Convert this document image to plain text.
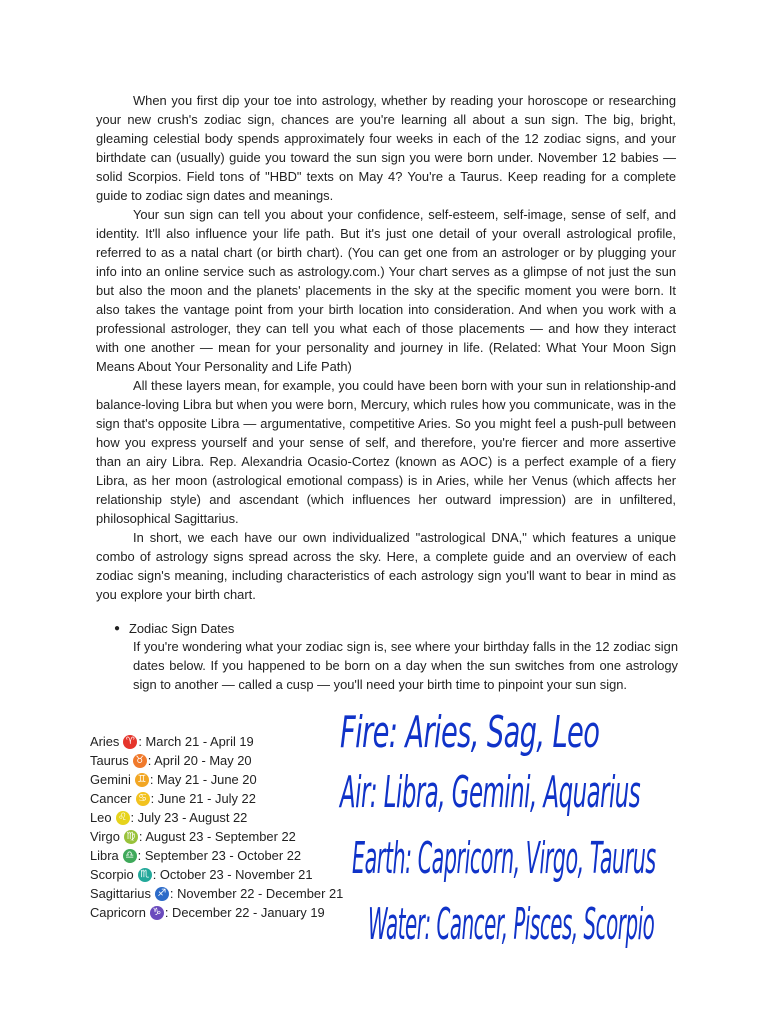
When you first dip your toe into astrology, whether by reading your horoscope or researching your new crush's zodiac sign, chances are you're learning all about a sun sign. The big, bright, gleaming celestial body spends approximately four weeks in each of the 12 zodiac signs, and your birthdate can (usually) guide you toward the sun sign you were born under. November 12 babies — solid Scorpios. Field tons of "HBD" texts on May 4? You're a Taurus. Keep reading for a complete guide to zodiac sign dates and meanings.

Your sun sign can tell you about your confidence, self-esteem, self-image, sense of self, and identity. It'll also influence your life path. But it's just one detail of your overall astrological profile, referred to as a natal chart (or birth chart). (You can get one from an astrologer or by plugging your info into an online service such as astrology.com.) Your chart serves as a glimpse of not just the sun but also the moon and the planets' placements in the sky at the specific moment you were born. It also takes the vantage point from your birth location into consideration. And when you work with a professional astrologer, they can tell you what each of those placements — and how they interact with one another — mean for your personality and journey in life. (Related: What Your Moon Sign Means About Your Personality and Life Path)

All these layers mean, for example, you could have been born with your sun in relationship-and balance-loving Libra but when you were born, Mercury, which rules how you communicate, was in the sign that's opposite Libra — argumentative, competitive Aries. So you might feel a push-pull between how you express yourself and your sense of self, and therefore, you're fiercer and more assertive than an airy Libra. Rep. Alexandria Ocasio-Cortez (known as AOC) is a perfect example of a fiery Libra, as her moon (astrological emotional compass) is in Aries, while her Venus (which affects her relationship style) and ascendant (which influences her outward impression) are in unfiltered, philosophical Sagittarius.

In short, we each have our own individualized "astrological DNA," which features a unique combo of astrology signs spread across the sky. Here, a complete guide and an overview of each zodiac sign's meaning, including characteristics of each astrology sign you'll want to bear in mind as you explore your birth chart.

● Zodiac Sign Dates
If you're wondering what your zodiac sign is, see where your birthday falls in the 12 zodiac sign dates below. If you happened to be born on a day when the sun switches from one astrology sign to another — called a cusp — you'll need your birth time to pinpoint your sun sign.
Aries ♈ : March 21 - April 19
Taurus ♉ : April 20 - May 20
Gemini ♊ : May 21 - June 20
Cancer ♋ : June 21 - July 22
Leo ♌ : July 23 - August 22
Virgo ♍ : August 23 - September 22
Libra ♎ : September 23 - October 22
Scorpio ♏ : October 23 - November 21
Sagittarius ♐ : November 22 - December 21
Capricorn ♑ : December 22 - January 19
Fire: Aries, Sag, Leo
Air: Libra, Gemini, Aquarius
Earth: Capricorn, Virgo, Taurus
Water: Cancer, Pisces, Scorpio
